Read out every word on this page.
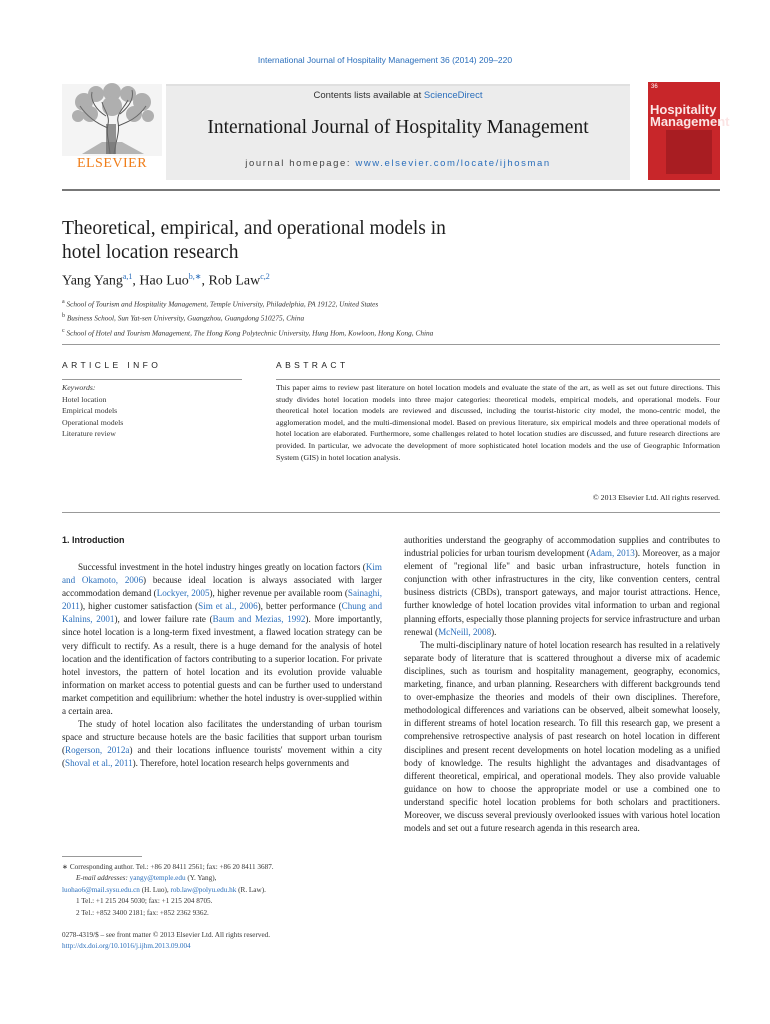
International Journal of Hospitality Management 36 (2014) 209–220
Contents lists available at ScienceDirect
International Journal of Hospitality Management
journal homepage: www.elsevier.com/locate/ijhosman
ELSEVIER
36
Hospitality Management
Theoretical, empirical, and operational models in
hotel location research
Yang Yang$^{a,1}$, Hao Luo$^{b,∗}$, Rob Law$^{c,2}$
$^a$ School of Tourism and Hospitality Management, Temple University, Philadelphia, PA 19122, United States
$^b$ Business School, Sun Yat-sen University, Guangzhou, Guangdong 510275, China
$^c$ School of Hotel and Tourism Management, The Hong Kong Polytechnic University, Hung Hom, Kowloon, Hong Kong, China
ARTICLE INFO
Keywords:
Hotel location
Empirical models
Operational models
Literature review
ABSTRACT
This paper aims to review past literature on hotel location models and evaluate the state of the art, as well as set out future directions. This study divides hotel location models into three major categories: theoretical models, empirical models, and operational models. Four theoretical hotel location models are reviewed and discussed, including the tourist-historic city model, the mono-centric model, the agglomeration model, and the multi-dimensional model. Based on previous literature, six empirical models and three operational models of hotel location are elaborated. Furthermore, some challenges related to hotel location studies are discussed, and future research directions are provided. In particular, we advocate the development of more sophisticated hotel location models and the use of Geographic Information System (GIS) in hotel location analysis.
© 2013 Elsevier Ltd. All rights reserved.
1. Introduction

Successful investment in the hotel industry hinges greatly on location factors (Kim and Okamoto, 2006) because ideal location is always associated with larger accommodation demand (Lockyer, 2005), higher revenue per available room (Sainaghi, 2011), higher customer satisfaction (Sim et al., 2006), better performance (Chung and Kalnins, 2001), and lower failure rate (Baum and Mezias, 1992). More importantly, since hotel location is a long-term fixed investment, a flawed location strategy can be very difficult to rectify. As a result, there is a huge demand for the analysis of hotel location and the identification of factors contributing to a superior location. For private hotel investors, the pattern of hotel location and its evolution provide valuable information on market access to potential guests and can be further used to understand market competition and equilibrium: whether the hotel industry is over-supplied within a certain area.

The study of hotel location also facilitates the understanding of urban tourism space and structure because hotels are the basic facilities that support urban tourism (Rogerson, 2012a) and their locations influence tourists' movement within a city (Shoval et al., 2011). Therefore, hotel location research helps governments and

authorities understand the geography of accommodation supplies and contributes to industrial policies for urban tourism development (Adam, 2013). Moreover, as a major element of "regional life" and basic urban infrastructure, hotels function in conjunction with other infrastructures in the city, like convention centers, central business districts (CBDs), transport gateways, and major tourist attractions. Hence, further knowledge of hotel location provides vital information to urban and regional planning efforts, especially those planning projects for service infrastructure and urban renewal (McNeill, 2008).

The multi-disciplinary nature of hotel location research has resulted in a relatively separate body of literature that is scattered throughout a diverse mix of academic disciplines, such as tourism and hospitality management, geography, economics, marketing, finance, and urban planning. Researchers with different backgrounds tend to over-emphasize the theories and models of their own disciplines. Therefore, methodological differences and variations can be observed, albeit somewhat loosely, in different streams of hotel location research. To fill this research gap, we present a comprehensive retrospective analysis of past research on hotel location in different disciplines and present recent developments on hotel location modeling as a unified body of knowledge. The results highlight the advantages and disadvantages of different theoretical, empirical, and operational models. They also provide valuable guidance on how to choose the appropriate model or use a combined one to understand specific hotel location problems for both scholars and practitioners. Moreover, we discuss several previously overlooked issues with various hotel location models and set out a future research agenda in this research area.

∗ Corresponding author. Tel.: +86 20 8411 2561; fax: +86 20 8411 3687.
E-mail addresses: yangy@temple.edu (Y. Yang),
luohao6@mail.sysu.edu.cn (H. Luo), rob.law@polyu.edu.hk (R. Law).
1 Tel.: +1 215 204 5030; fax: +1 215 204 8705.
2 Tel.: +852 3400 2181; fax: +852 2362 9362.
0278-4319/$ – see front matter © 2013 Elsevier Ltd. All rights reserved.
http://dx.doi.org/10.1016/j.ijhm.2013.09.004
